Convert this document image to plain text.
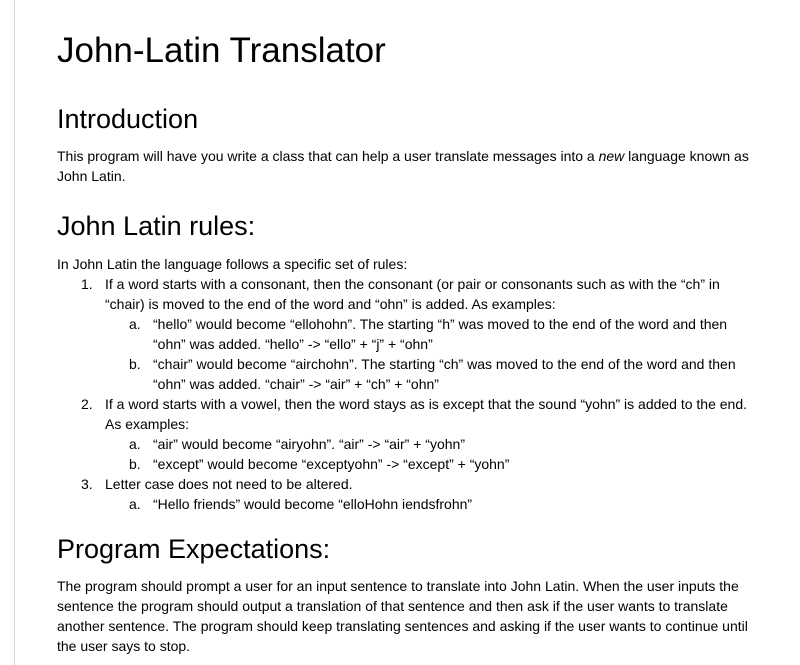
John-Latin Translator
Introduction
This program will have you write a class that can help a user translate messages into a new language known as John Latin.
John Latin rules:
In John Latin the language follows a specific set of rules:
1. If a word starts with a consonant, then the consonant (or pair or consonants such as with the “ch” in “chair) is moved to the end of the word and “ohn” is added. As examples:
a. “hello” would become “ellohohn”. The starting “h” was moved to the end of the word and then “ohn” was added. “hello” -> “ello” + “j” + “ohn”
b. “chair” would become “airchohn”. The starting “ch” was moved to the end of the word and then “ohn” was added. “chair” -> “air” + “ch” + “ohn”
2. If a word starts with a vowel, then the word stays as is except that the sound “yohn” is added to the end. As examples:
a. “air” would become “airyohn”. “air” -> “air” + “yohn”
b. “except” would become “exceptyohn” -> “except” + “yohn”
3. Letter case does not need to be altered.
a. “Hello friends” would become “elloHohn iendsfrohn”
Program Expectations:
The program should prompt a user for an input sentence to translate into John Latin. When the user inputs the sentence the program should output a translation of that sentence and then ask if the user wants to translate another sentence. The program should keep translating sentences and asking if the user wants to continue until the user says to stop.
